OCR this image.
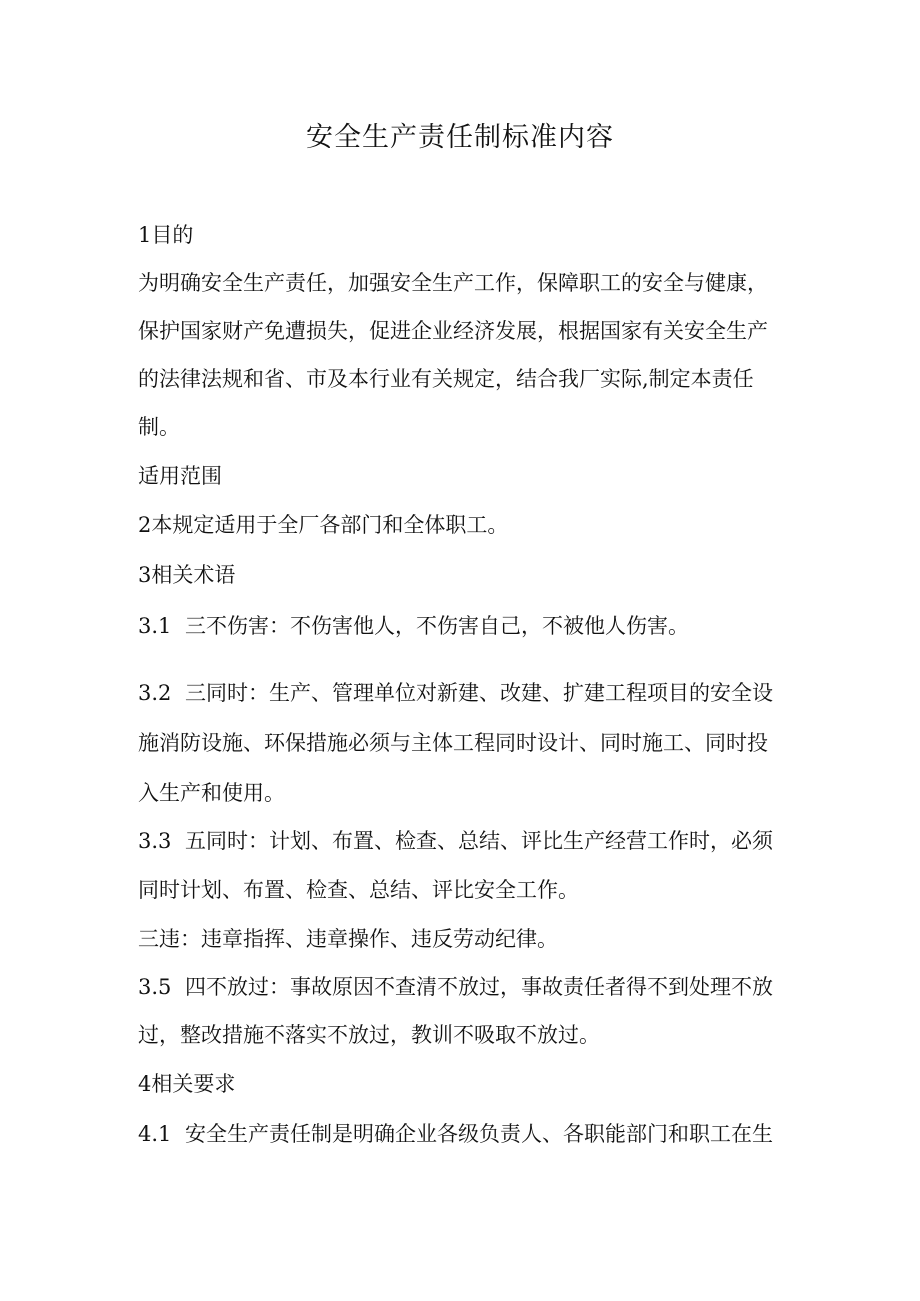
安全生产责任制标准内容
1目的
为明确安全生产责任，加强安全生产工作，保障职工的安全与健康，
保护国家财产免遭损失，促进企业经济发展，根据国家有关安全生产
的法律法规和省、市及本行业有关规定，结合我厂实际,制定本责任
制。
适用范围
2本规定适用于全厂各部门和全体职工。
3相关术语
3.1 三不伤害：不伤害他人，不伤害自己，不被他人伤害。
3.2 三同时：生产、管理单位对新建、改建、扩建工程项目的安全设
施消防设施、环保措施必须与主体工程同时设计、同时施工、同时投
入生产和使用。
3.3 五同时：计划、布置、检查、总结、评比生产经营工作时，必须
同时计划、布置、检查、总结、评比安全工作。
三违：违章指挥、违章操作、违反劳动纪律。
3.5 四不放过：事故原因不查清不放过，事故责任者得不到处理不放
过，整改措施不落实不放过，教训不吸取不放过。
4相关要求
4.1 安全生产责任制是明确企业各级负责人、各职能部门和职工在生
